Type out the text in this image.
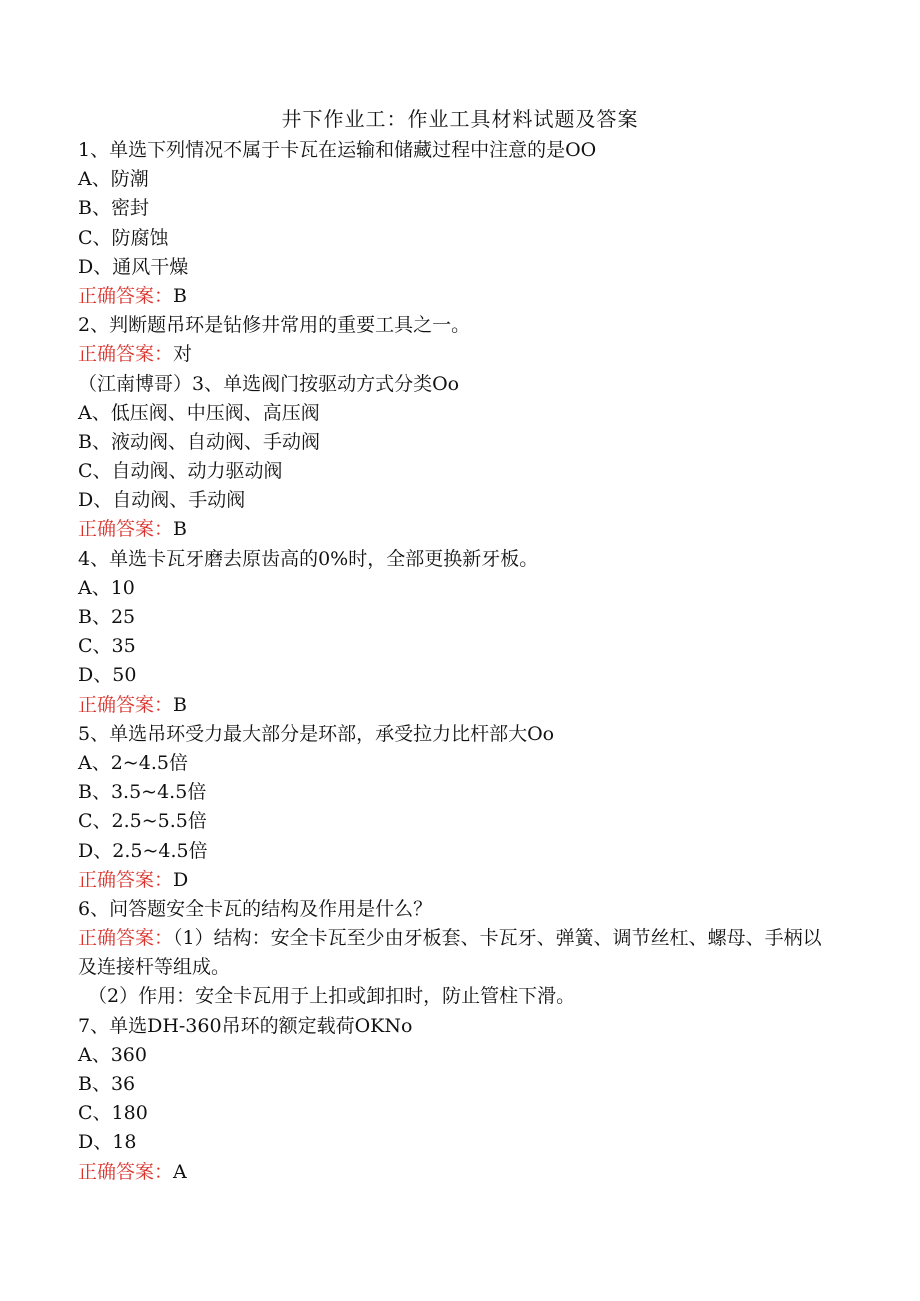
井下作业工：作业工具材料试题及答案
1、单选下列情况不属于卡瓦在运输和储藏过程中注意的是OO
A、防潮
B、密封
C、防腐蚀
D、通风干燥
正确答案：B
2、判断题吊环是钻修井常用的重要工具之一。
正确答案：对
（江南博哥）3、单选阀门按驱动方式分类Oo
A、低压阀、中压阀、高压阀
B、液动阀、自动阀、手动阀
C、自动阀、动力驱动阀
D、自动阀、手动阀
正确答案：B
4、单选卡瓦牙磨去原齿高的0%时，全部更换新牙板。
A、10
B、25
C、35
D、50
正确答案：B
5、单选吊环受力最大部分是环部，承受拉力比杆部大Oo
A、2~4.5倍
B、3.5~4.5倍
C、2.5~5.5倍
D、2.5~4.5倍
正确答案：D
6、问答题安全卡瓦的结构及作用是什么？
正确答案：（1）结构：安全卡瓦至少由牙板套、卡瓦牙、弹簧、调节丝杠、螺母、手柄以及连接杆等组成。
（2）作用：安全卡瓦用于上扣或卸扣时，防止管柱下滑。
7、单选DH-360吊环的额定载荷OKNo
A、360
B、36
C、180
D、18
正确答案：A
